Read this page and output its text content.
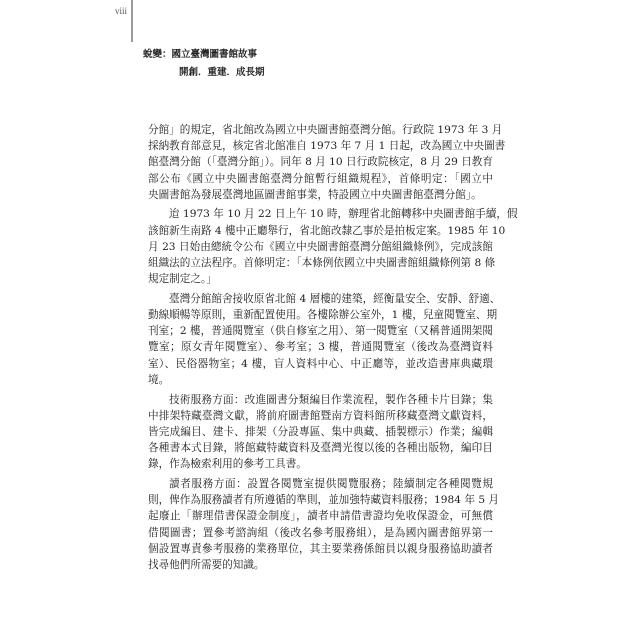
viii
蛻變：國立臺灣圖書館故事
開創．重建．成長期

分館」的規定，省北館改為國立中央圖書館臺灣分館。行政院 1973 年 3 月
採納教育部意見，核定省北館准自 1973 年 7 月 1 日起，改為國立中央圖書
館臺灣分館（「臺灣分館」）。同年 8 月 10 日行政院核定，8 月 29 日教育
部公布《國立中央圖書館臺灣分館暫行組織規程》，首條明定：「國立中
央圖書館為發展臺灣地區圖書館事業，特設國立中央圖書館臺灣分館」。

迨 1973 年 10 月 22 日上午 10 時，辦理省北館轉移中央圖書館手續，假
該館新生南路 4 樓中正廳舉行，省北館改隸乙事於是拍板定案。1985 年 10
月 23 日始由總統令公布《國立中央圖書館臺灣分館組織條例》，完成該館
組織法的立法程序。首條明定：「本條例依國立中央圖書館組織條例第 8 條
規定制定之。」

臺灣分館館舍接收原省北館 4 層樓的建築，經衡量安全、安靜、舒適、
動線順暢等原則，重新配置使用。各樓除辦公室外，1 樓，兒童閱覽室、期
刊室；2 樓，普通閱覽室（供自修室之用）、第一閱覽室（又稱普通開架閱
覽室；原女青年閱覽室）、參考室；3 樓，普通閱覽室（後改為臺灣資料
室）、民俗器物室；4 樓，盲人資料中心、中正廳等，並改造書庫典藏環
境。

技術服務方面：改進圖書分類編目作業流程，製作各種卡片目錄；集
中排架特藏臺灣文獻，將前府圖書館暨南方資料館所移藏臺灣文獻資料，
皆完成編目、建卡、排架（分設專區、集中典藏、插製標示）作業；編輯
各種書本式目錄，將館藏特藏資料及臺灣光復以後的各種出版物，編印目
錄，作為檢索利用的參考工具書。

讀者服務方面：設置各閱覽室提供閱覽服務；陸續制定各種閱覽規
則，俾作為服務讀者有所遵循的準則，並加強特藏資料服務；1984 年 5 月
起廢止「辦理借書保證金制度」，讀者申請借書證均免收保證金，可無償
借閱圖書；置參考諮詢組（後改名參考服務組），是為國內圖書館界第一
個設置專責參考服務的業務單位，其主要業務係館員以親身服務協助讀者
找尋他們所需要的知識。
